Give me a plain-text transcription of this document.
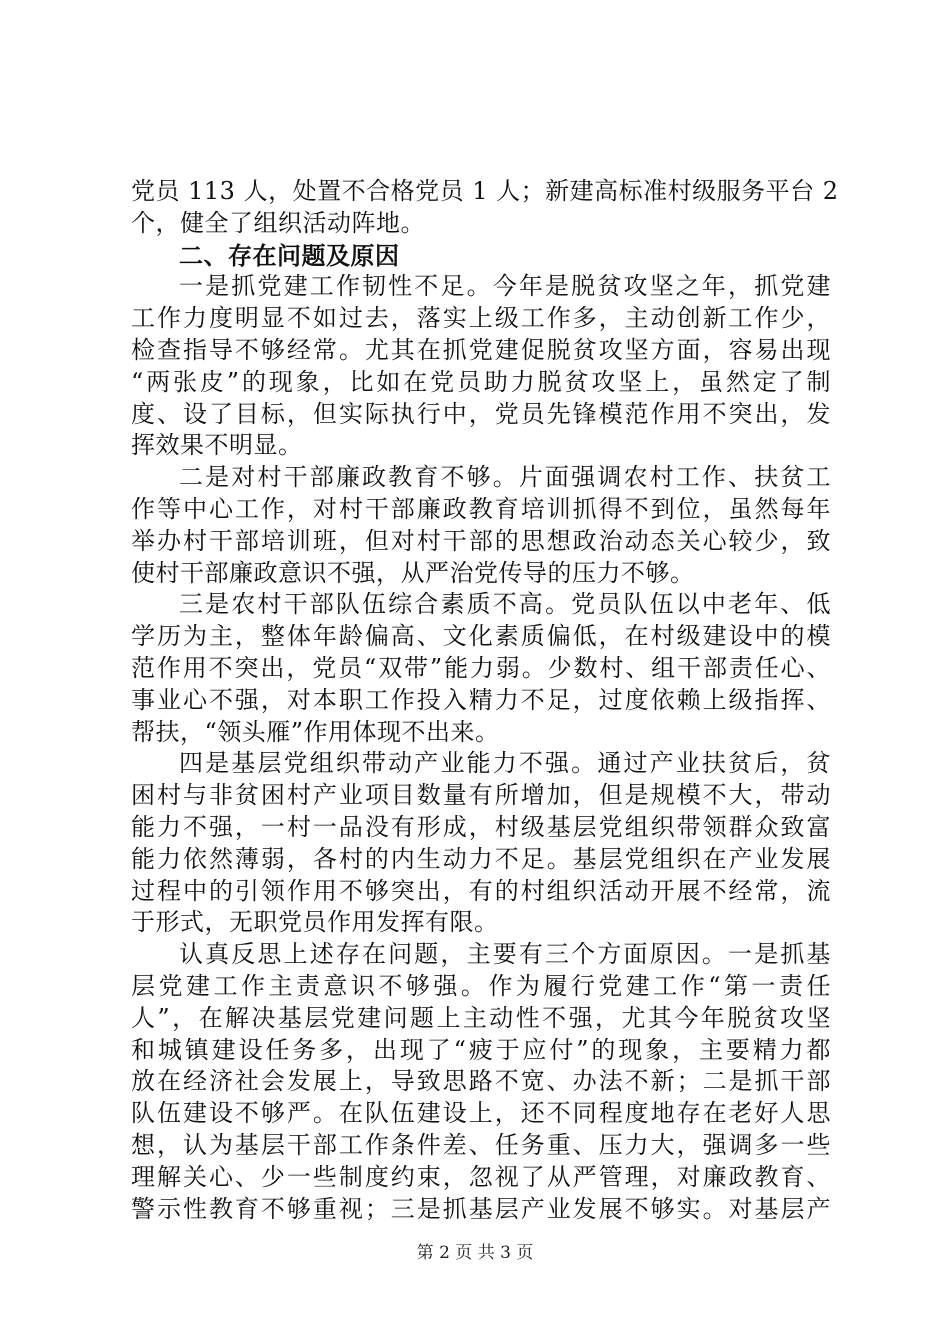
党员 113 人，处置不合格党员 1 人；新建高标准村级服务平台 2
个，健全了组织活动阵地。
二、存在问题及原因
一是抓党建工作韧性不足。今年是脱贫攻坚之年，抓党建
工作力度明显不如过去，落实上级工作多，主动创新工作少，
检查指导不够经常。尤其在抓党建促脱贫攻坚方面，容易出现
“两张皮”的现象，比如在党员助力脱贫攻坚上，虽然定了制
度、设了目标，但实际执行中，党员先锋模范作用不突出，发
挥效果不明显。
二是对村干部廉政教育不够。片面强调农村工作、扶贫工
作等中心工作，对村干部廉政教育培训抓得不到位，虽然每年
举办村干部培训班，但对村干部的思想政治动态关心较少，致
使村干部廉政意识不强，从严治党传导的压力不够。
三是农村干部队伍综合素质不高。党员队伍以中老年、低
学历为主，整体年龄偏高、文化素质偏低，在村级建设中的模
范作用不突出，党员“双带”能力弱。少数村、组干部责任心、
事业心不强，对本职工作投入精力不足，过度依赖上级指挥、
帮扶，“领头雁”作用体现不出来。
四是基层党组织带动产业能力不强。通过产业扶贫后，贫
困村与非贫困村产业项目数量有所增加，但是规模不大，带动
能力不强，一村一品没有形成，村级基层党组织带领群众致富
能力依然薄弱，各村的内生动力不足。基层党组织在产业发展
过程中的引领作用不够突出，有的村组织活动开展不经常，流
于形式，无职党员作用发挥有限。
认真反思上述存在问题，主要有三个方面原因。一是抓基
层党建工作主责意识不够强。作为履行党建工作“第一责任
人”，在解决基层党建问题上主动性不强，尤其今年脱贫攻坚
和城镇建设任务多，出现了“疲于应付”的现象，主要精力都
放在经济社会发展上，导致思路不宽、办法不新；二是抓干部
队伍建设不够严。在队伍建设上，还不同程度地存在老好人思
想，认为基层干部工作条件差、任务重、压力大，强调多一些
理解关心、少一些制度约束，忽视了从严管理，对廉政教育、
警示性教育不够重视；三是抓基层产业发展不够实。对基层产
第 2 页 共 3 页
